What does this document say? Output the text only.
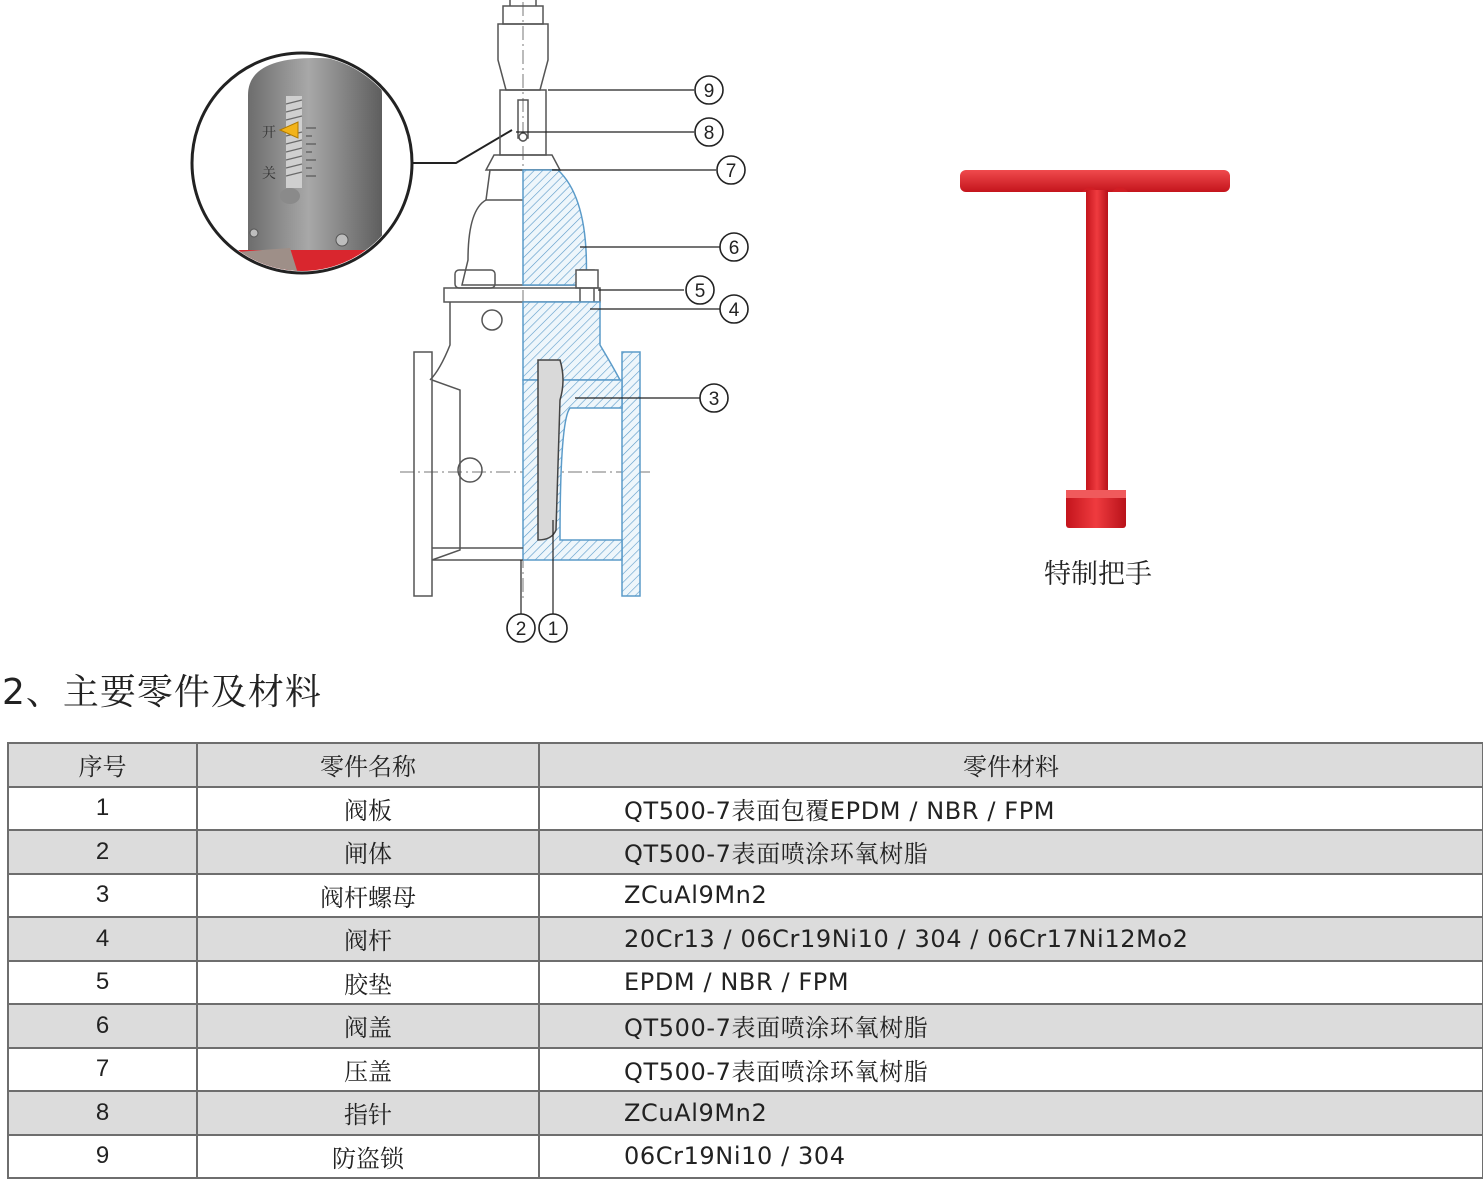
开
关
9
8
7
6
5
4
3
2 1
特制把手
2、主要零件及材料
序号	零件名称	零件材料
1	阀板	QT500-7表面包覆EPDM / NBR / FPM
2	闸体	QT500-7表面喷涂环氧树脂
3	阀杆螺母	ZCuAl9Mn2
4	阀杆	20Cr13 / 06Cr19Ni10 / 304 / 06Cr17Ni12Mo2
5	胶垫	EPDM / NBR / FPM
6	阀盖	QT500-7表面喷涂环氧树脂
7	压盖	QT500-7表面喷涂环氧树脂
8	指针	ZCuAl9Mn2
9	防盗锁	06Cr19Ni10 / 304
